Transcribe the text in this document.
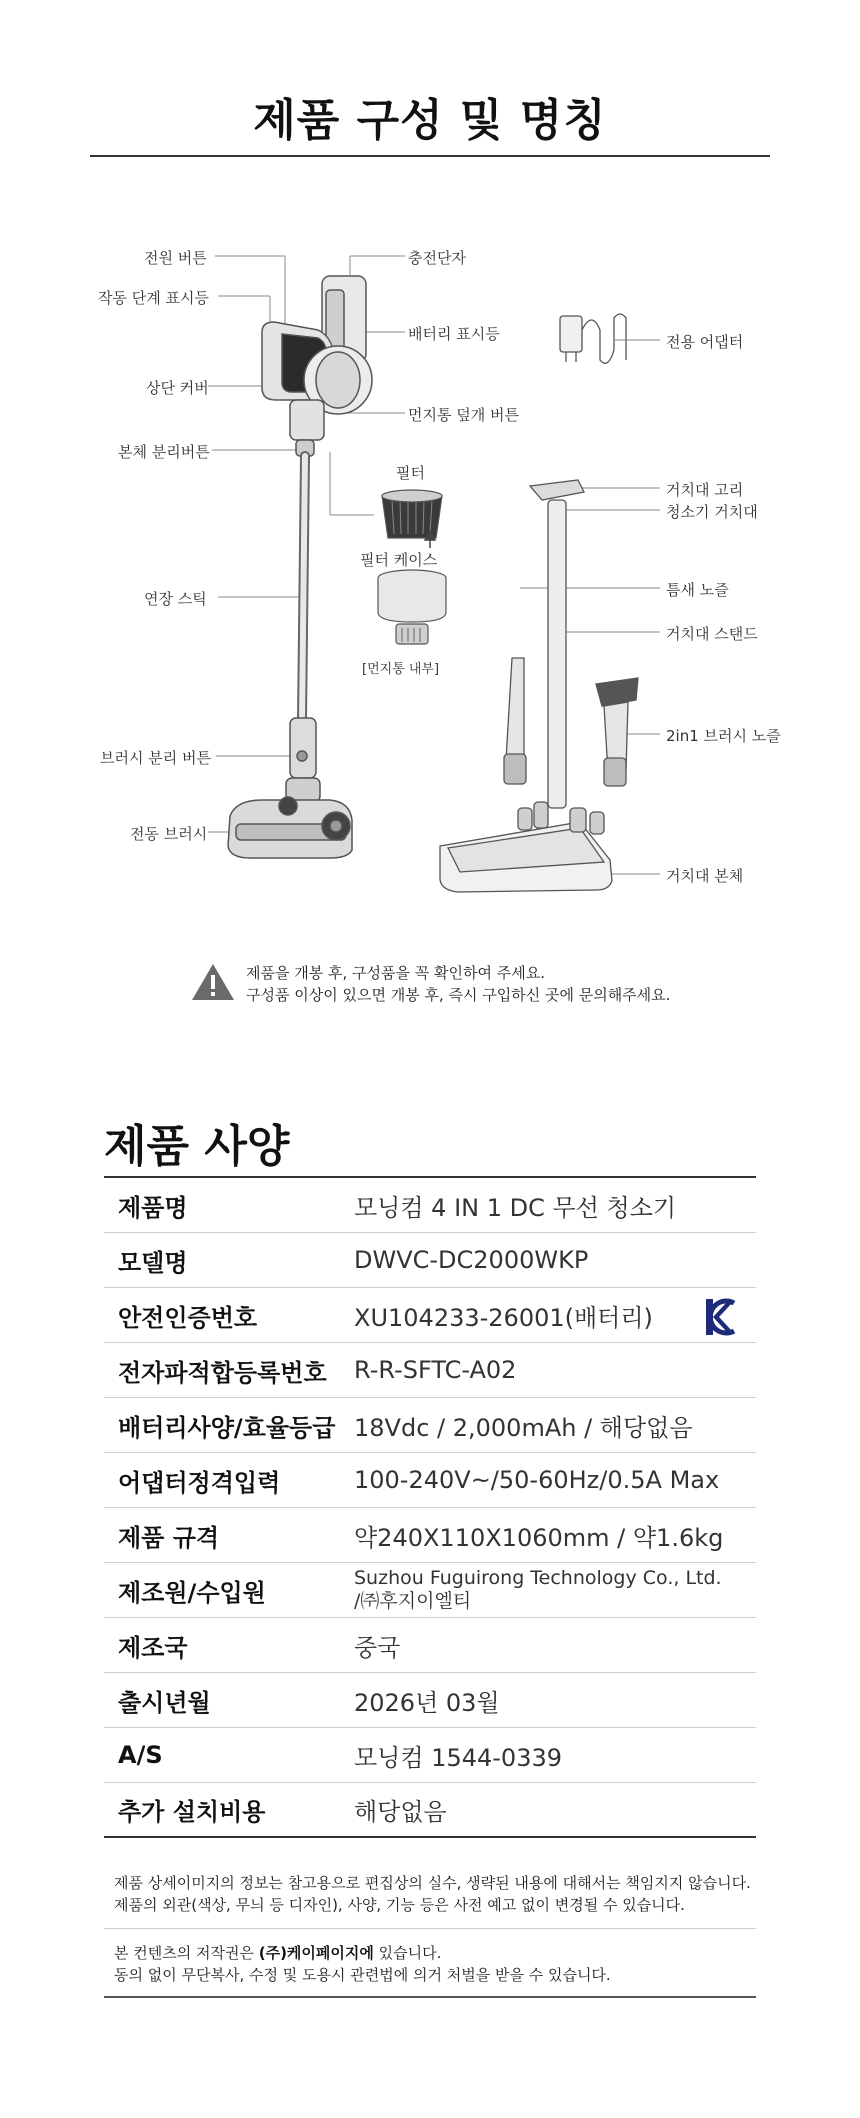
제품 구성 및 명칭
전원 버튼
작동 단계 표시등
상단 커버
본체 분리버튼
연장 스틱
브러시 분리 버튼
전동 브러시
충전단자
배터리 표시등
먼지통 덮개 버튼
필터
필터 케이스
[먼지통 내부]
전용 어댑터
거치대 고리
청소기 거치대
틈새 노즐
거치대 스탠드
2in1 브러시 노즐
거치대 본체
제품을 개봉 후, 구성품을 꼭 확인하여 주세요.
구성품 이상이 있으면 개봉 후, 즉시 구입하신 곳에 문의해주세요.
제품 사양
제품명	모닝컴 4 IN 1 DC 무선 청소기
모델명	DWVC-DC2000WKP
안전인증번호	XU104233-26001(배터리)
전자파적합등록번호	R-R-SFTC-A02
배터리사양/효율등급 18Vdc / 2,000mAh / 해당없음
어댑터정격입력	100-240V~/50-60Hz/0.5A Max
제품 규격	약240X110X1060mm / 약1.6kg
제조원/수입원
Suzhou Fuguirong Technology Co., Ltd.
/㈜후지이엘티
제조국	중국
출시년월	2026년 03월
A/S	모닝컴 1544-0339
추가 설치비용	해당없음
제품 상세이미지의 정보는 참고용으로 편집상의 실수, 생략된 내용에 대해서는 책임지지 않습니다.
제품의 외관(색상, 무늬 등 디자인), 사양, 기능 등은 사전 예고 없이 변경될 수 있습니다.
본 컨텐츠의 저작권은 (주)케이페이지에 있습니다.
동의 없이 무단복사, 수정 및 도용시 관련법에 의거 처벌을 받을 수 있습니다.
